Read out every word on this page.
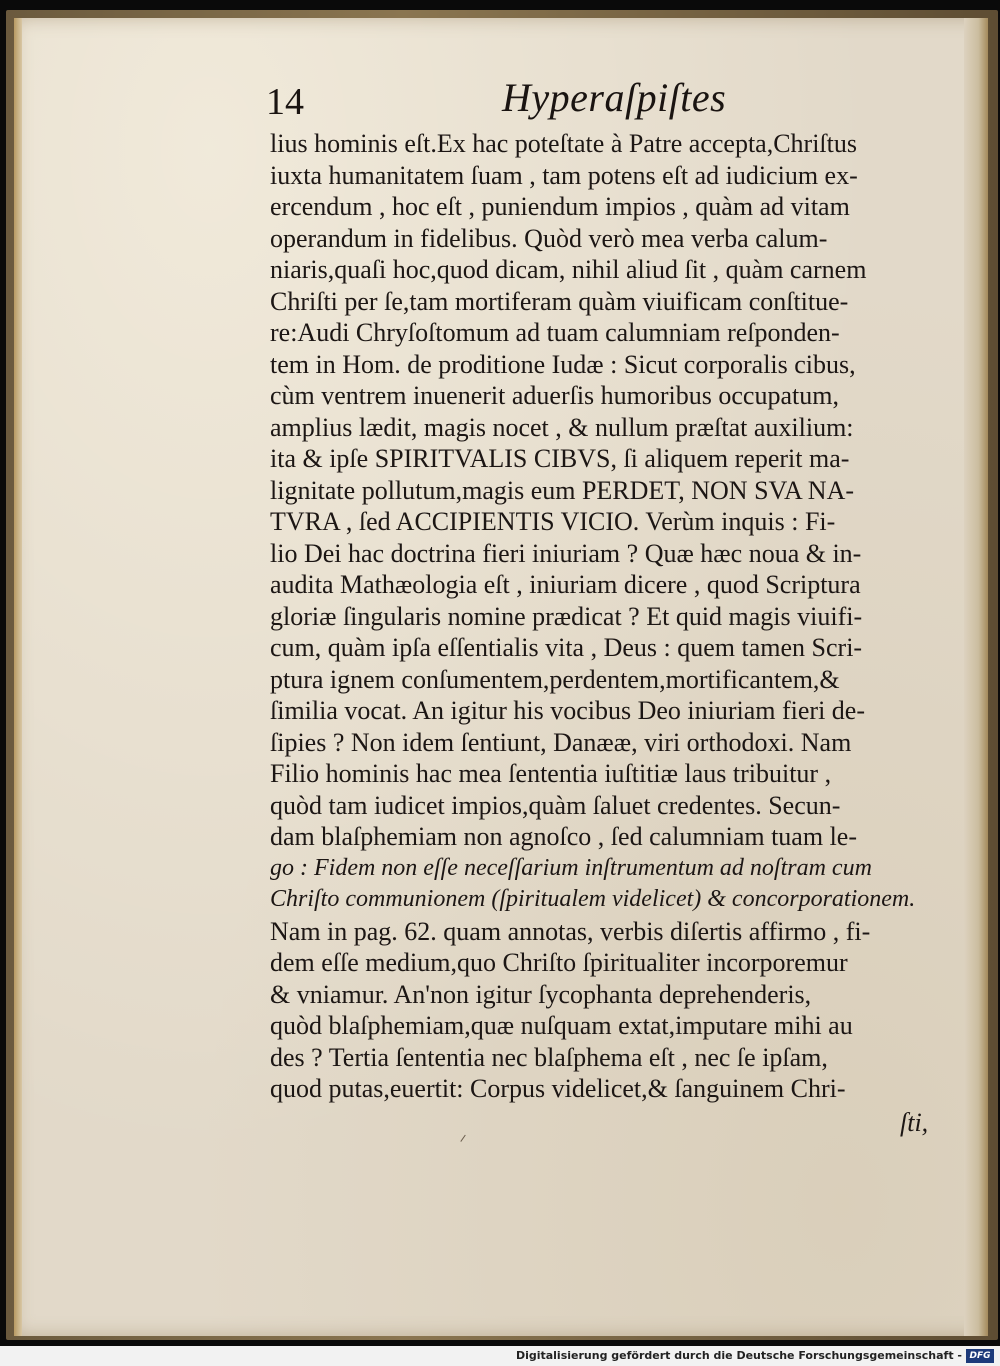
14	Hyperaſpiſtes
lius hominis eſt.Ex hac poteſtate à Patre accepta,Chriſtus
iuxta humanitatem ſuam , tam potens eſt ad iudicium ex-
ercendum , hoc eſt , puniendum impios , quàm ad vitam
operandum in fidelibus. Quòd verò mea verba calum-
niaris,quaſi hoc,quod dicam, nihil aliud ſit , quàm carnem
Chriſti per ſe,tam mortiferam quàm viuificam conſtitue-
re:Audi Chryſoſtomum ad tuam calumniam reſponden-
tem in Hom. de proditione Iudæ : Sicut corporalis cibus,
cùm ventrem inuenerit aduerſis humoribus occupatum,
amplius lædit, magis nocet , & nullum præſtat auxilium:
ita & ipſe SPIRITVALIS CIBVS, ſi aliquem reperit ma-
lignitate pollutum,magis eum PERDET, NON SVA NA-
TVRA , ſed ACCIPIENTIS VICIO. Verùm inquis : Fi-
lio Dei hac doctrina fieri iniuriam ? Quæ hæc noua & in-
audita Mathæologia eſt , iniuriam dicere , quod Scriptura
gloriæ ſingularis nomine prædicat ? Et quid magis viuifi-
cum, quàm ipſa eſſentialis vita , Deus : quem tamen Scri-
ptura ignem conſumentem,perdentem,mortificantem,&
ſimilia vocat. An igitur his vocibus Deo iniuriam fieri de-
ſipies ? Non idem ſentiunt, Danææ, viri orthodoxi. Nam
Filio hominis hac mea ſententia iuſtitiæ laus tribuitur ,
quòd tam iudicet impios,quàm ſaluet credentes. Secun-
dam blaſphemiam non agnoſco , ſed calumniam tuam le-
go : Fidem non eſſe neceſſarium inſtrumentum ad noſtram cum
Chriſto communionem (ſpiritualem videlicet) & concorporationem.
Nam in pag. 62. quam annotas, verbis diſertis affirmo , fi-
dem eſſe medium,quo Chriſto ſpiritualiter incorporemur
& vniamur. An'non igitur ſycophanta deprehenderis,
quòd blaſphemiam,quæ nuſquam extat,imputare mihi au
des ? Tertia ſententia nec blaſphema eſt , nec ſe ipſam,
quod putas,euertit: Corpus videlicet,& ſanguinem Chri-
ſti,
Digitalisierung gefördert durch die Deutsche Forschungsgemeinschaft - DFG
